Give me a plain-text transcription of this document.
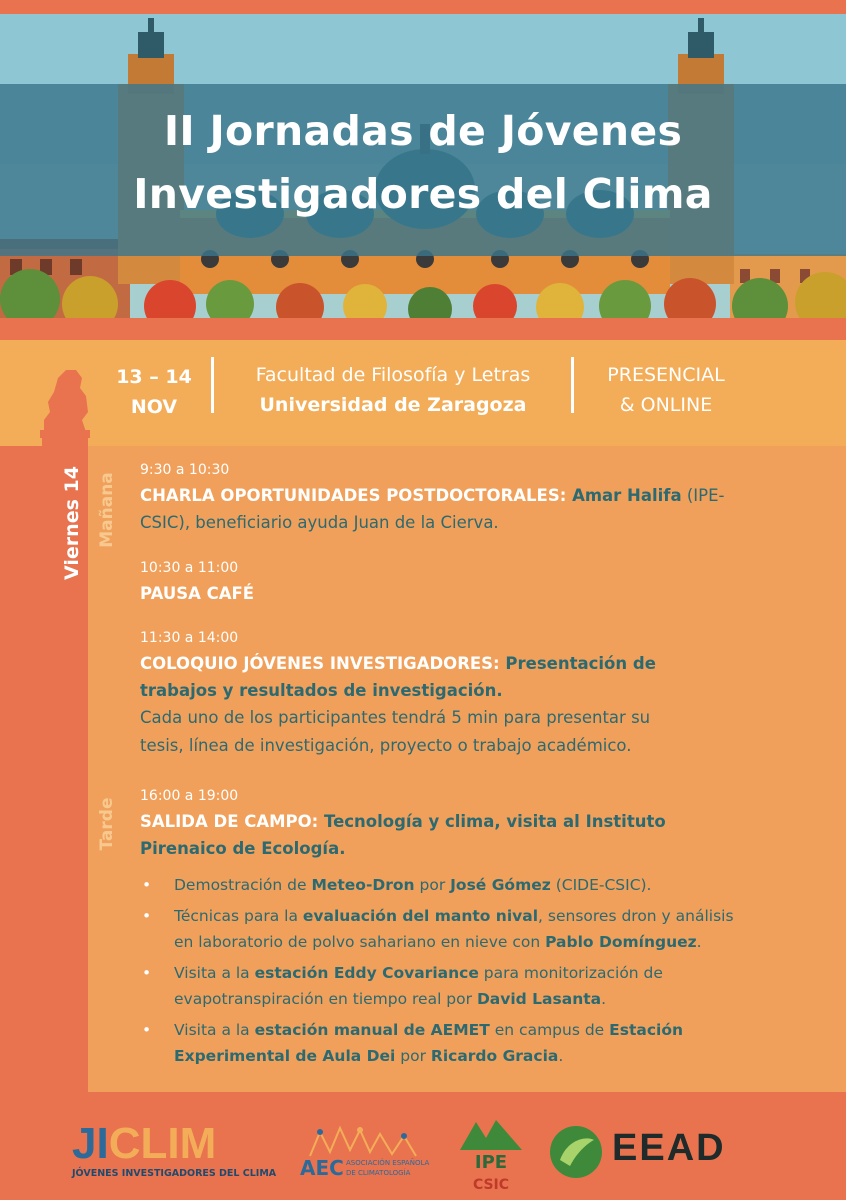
II Jornadas de Jóvenes
Investigadores del Clima
13 – 14
NOV
Facultad de Filosofía y Letras
Universidad de Zaragoza
PRESENCIAL
& ONLINE
Viernes 14 Mañana
Tarde
9:30 a 10:30
CHARLA OPORTUNIDADES POSTDOCTORALES: Amar Halifa (IPE-
CSIC), beneficiario ayuda Juan de la Cierva.
10:30 a 11:00
PAUSA CAFÉ
11:30 a 14:00
COLOQUIO JÓVENES INVESTIGADORES: Presentación de
trabajos y resultados de investigación.
Cada uno de los participantes tendrá 5 min para presentar su
tesis, línea de investigación, proyecto o trabajo académico.
16:00 a 19:00
SALIDA DE CAMPO: Tecnología y clima, visita al Instituto
Pirenaico de Ecología.
• Demostración de Meteo-Dron por José Gómez (CIDE-CSIC).
• Técnicas para la evaluación del manto nival, sensores dron y análisis
en laboratorio de polvo sahariano en nieve con Pablo Domínguez.
• Visita a la estación Eddy Covariance para monitorización de
evapotranspiración en tiempo real por David Lasanta.
• Visita a la estación manual de AEMET en campus de Estación
Experimental de Aula Dei por Ricardo Gracia.
JICLIM
JÓVENES INVESTIGADORES DEL CLIMA AEC ASOCIACIÓN ESPAÑOLA
DE CLIMATOLOGÍA	IPE
CSIC
EEAD
